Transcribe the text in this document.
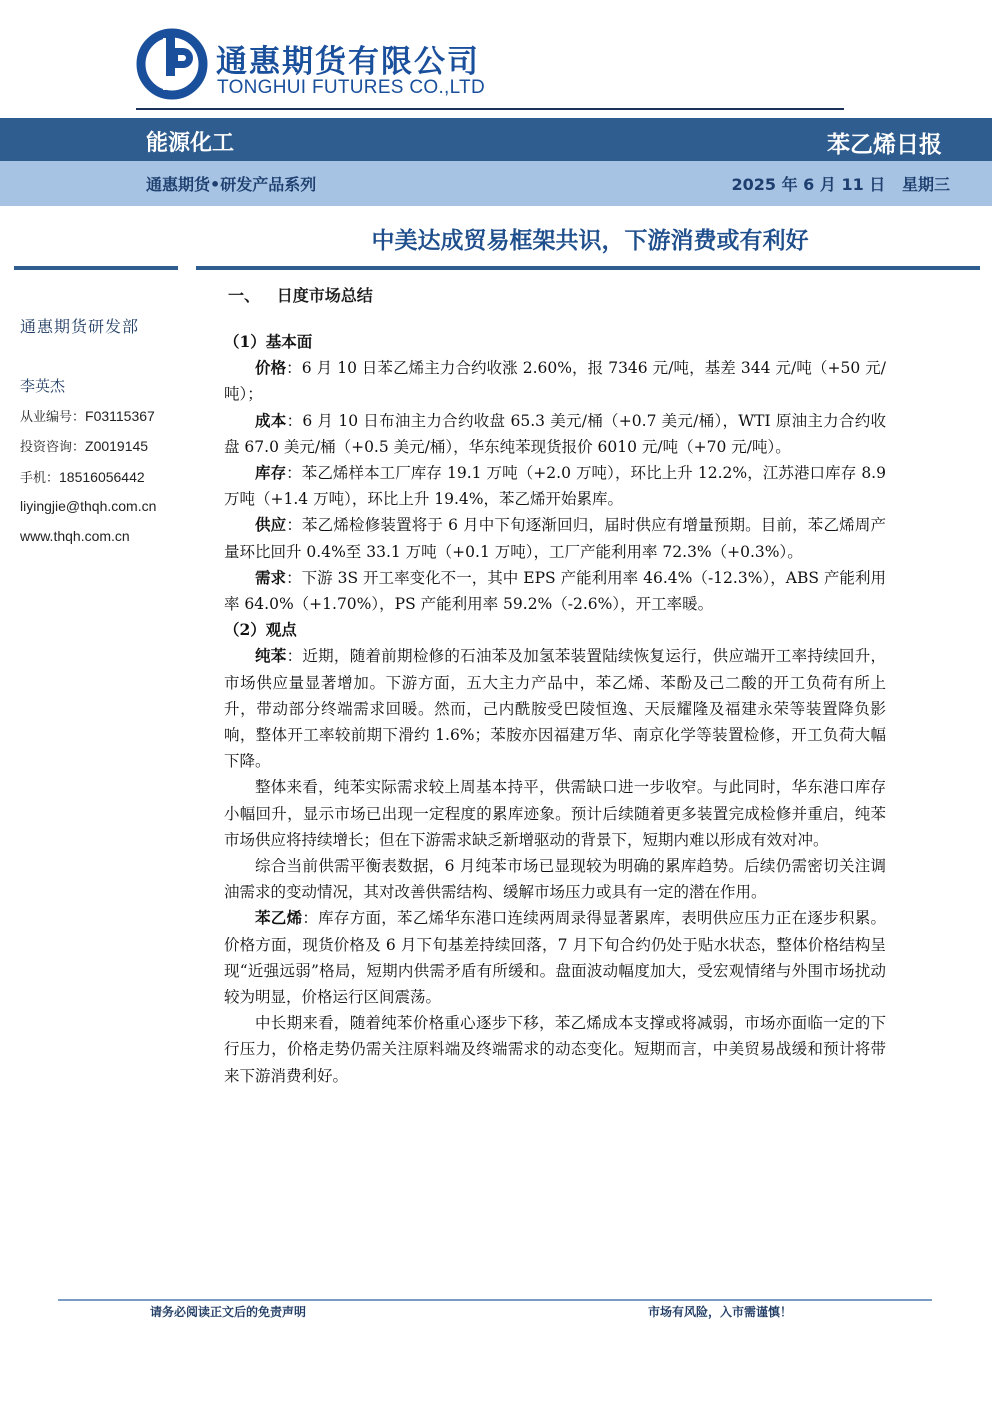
通惠期货有限公司
TONGHUI FUTURES CO.,LTD
能源化工	苯乙烯日报
通惠期货•研发产品系列	2025 年 6 月 11 日   星期三
中美达成贸易框架共识，下游消费或有利好
通惠期货研发部
李英杰
从业编号：F03115367
投资咨询：Z0019145
手机：18516056442
liyingjie@thqh.com.cn
www.thqh.com.cn
一、   日度市场总结

（1）基本面

价格：6 月 10 日苯乙烯主力合约收涨 2.60%，报 7346 元/吨，基差 344 元/吨（+50 元/吨）；

成本：6 月 10 日布油主力合约收盘 65.3 美元/桶（+0.7 美元/桶），WTI 原油主力合约收盘 67.0 美元/桶（+0.5 美元/桶），华东纯苯现货报价 6010 元/吨（+70 元/吨）。

库存：苯乙烯样本工厂库存 19.1 万吨（+2.0 万吨），环比上升 12.2%，江苏港口库存 8.9 万吨（+1.4 万吨），环比上升 19.4%，苯乙烯开始累库。

供应：苯乙烯检修装置将于 6 月中下旬逐渐回归，届时供应有增量预期。目前，苯乙烯周产量环比回升 0.4%至 33.1 万吨（+0.1 万吨），工厂产能利用率 72.3%（+0.3%）。

需求：下游 3S 开工率变化不一，其中 EPS 产能利用率 46.4%（-12.3%），ABS 产能利用率 64.0%（+1.70%），PS 产能利用率 59.2%（-2.6%），开工率暖。

（2）观点

纯苯：近期，随着前期检修的石油苯及加氢苯装置陆续恢复运行，供应端开工率持续回升，市场供应量显著增加。下游方面，五大主力产品中，苯乙烯、苯酚及己二酸的开工负荷有所上升，带动部分终端需求回暖。然而，己内酰胺受巴陵恒逸、天辰耀隆及福建永荣等装置降负影响，整体开工率较前期下滑约 1.6%；苯胺亦因福建万华、南京化学等装置检修，开工负荷大幅下降。

整体来看，纯苯实际需求较上周基本持平，供需缺口进一步收窄。与此同时，华东港口库存小幅回升，显示市场已出现一定程度的累库迹象。预计后续随着更多装置完成检修并重启，纯苯市场供应将持续增长；但在下游需求缺乏新增驱动的背景下，短期内难以形成有效对冲。

综合当前供需平衡表数据，6 月纯苯市场已显现较为明确的累库趋势。后续仍需密切关注调油需求的变动情况，其对改善供需结构、缓解市场压力或具有一定的潜在作用。

苯乙烯：库存方面，苯乙烯华东港口连续两周录得显著累库，表明供应压力正在逐步积累。价格方面，现货价格及 6 月下旬基差持续回落，7 月下旬合约仍处于贴水状态，整体价格结构呈现“近强远弱”格局，短期内供需矛盾有所缓和。盘面波动幅度加大，受宏观情绪与外围市场扰动较为明显，价格运行区间震荡。

中长期来看，随着纯苯价格重心逐步下移，苯乙烯成本支撑或将减弱，市场亦面临一定的下行压力，价格走势仍需关注原料端及终端需求的动态变化。短期而言，中美贸易战缓和预计将带来下游消费利好。

请务必阅读正文后的免责声明	市场有风险，入市需谨慎！
